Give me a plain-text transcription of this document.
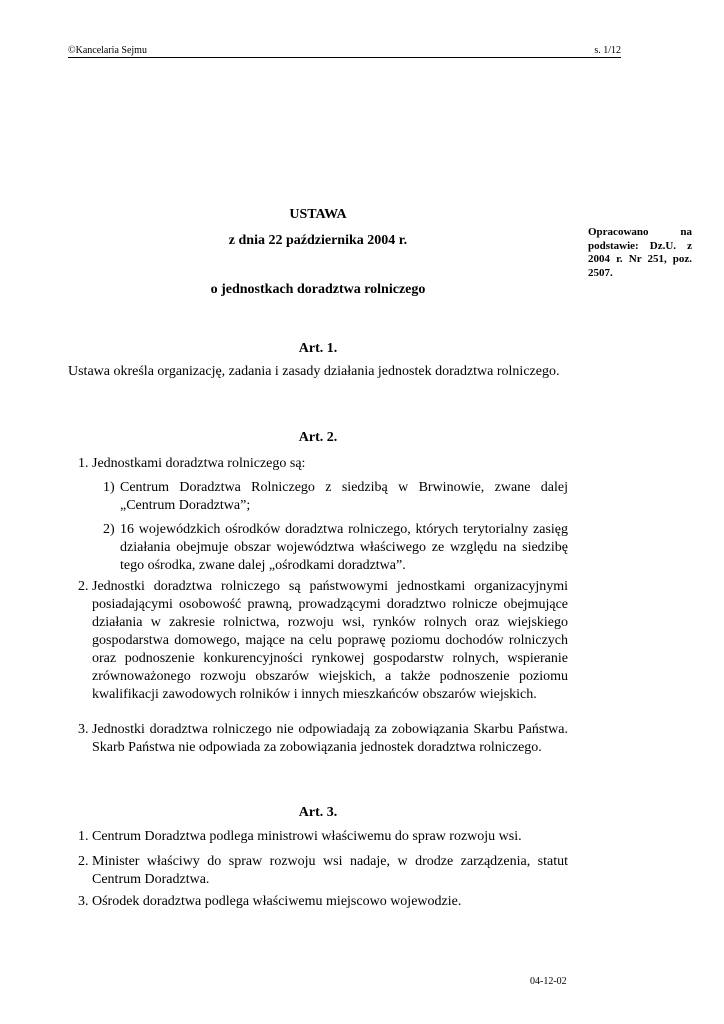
©Kancelaria Sejmu	s. 1/12
USTAWA
z dnia 22 października 2004 r.
o jednostkach doradztwa rolniczego
Opracowano na podstawie: Dz.U. z 2004 r. Nr 251, poz. 2507.
Art. 1.
Ustawa określa organizację, zadania i zasady działania jednostek doradztwa rolniczego.
Art. 2.
1. Jednostkami doradztwa rolniczego są:
1) Centrum Doradztwa Rolniczego z siedzibą w Brwinowie, zwane dalej „Centrum Doradztwa”;
2) 16 wojewódzkich ośrodków doradztwa rolniczego, których terytorialny zasięg działania obejmuje obszar województwa właściwego ze względu na siedzibę tego ośrodka, zwane dalej „ośrodkami doradztwa”.
2. Jednostki doradztwa rolniczego są państwowymi jednostkami organizacyjnymi posiadającymi osobowość prawną, prowadzącymi doradztwo rolnicze obejmujące działania w zakresie rolnictwa, rozwoju wsi, rynków rolnych oraz wiejskiego gospodarstwa domowego, mające na celu poprawę poziomu dochodów rolniczych oraz podnoszenie konkurencyjności rynkowej gospodarstw rolnych, wspieranie zrównoważonego rozwoju obszarów wiejskich, a także podnoszenie poziomu kwalifikacji zawodowych rolników i innych mieszkańców obszarów wiejskich.
3. Jednostki doradztwa rolniczego nie odpowiadają za zobowiązania Skarbu Państwa. Skarb Państwa nie odpowiada za zobowiązania jednostek doradztwa rolniczego.
Art. 3.
1. Centrum Doradztwa podlega ministrowi właściwemu do spraw rozwoju wsi.
2. Minister właściwy do spraw rozwoju wsi nadaje, w drodze zarządzenia, statut Centrum Doradztwa.
3. Ośrodek doradztwa podlega właściwemu miejscowo wojewodzie.
04-12-02
